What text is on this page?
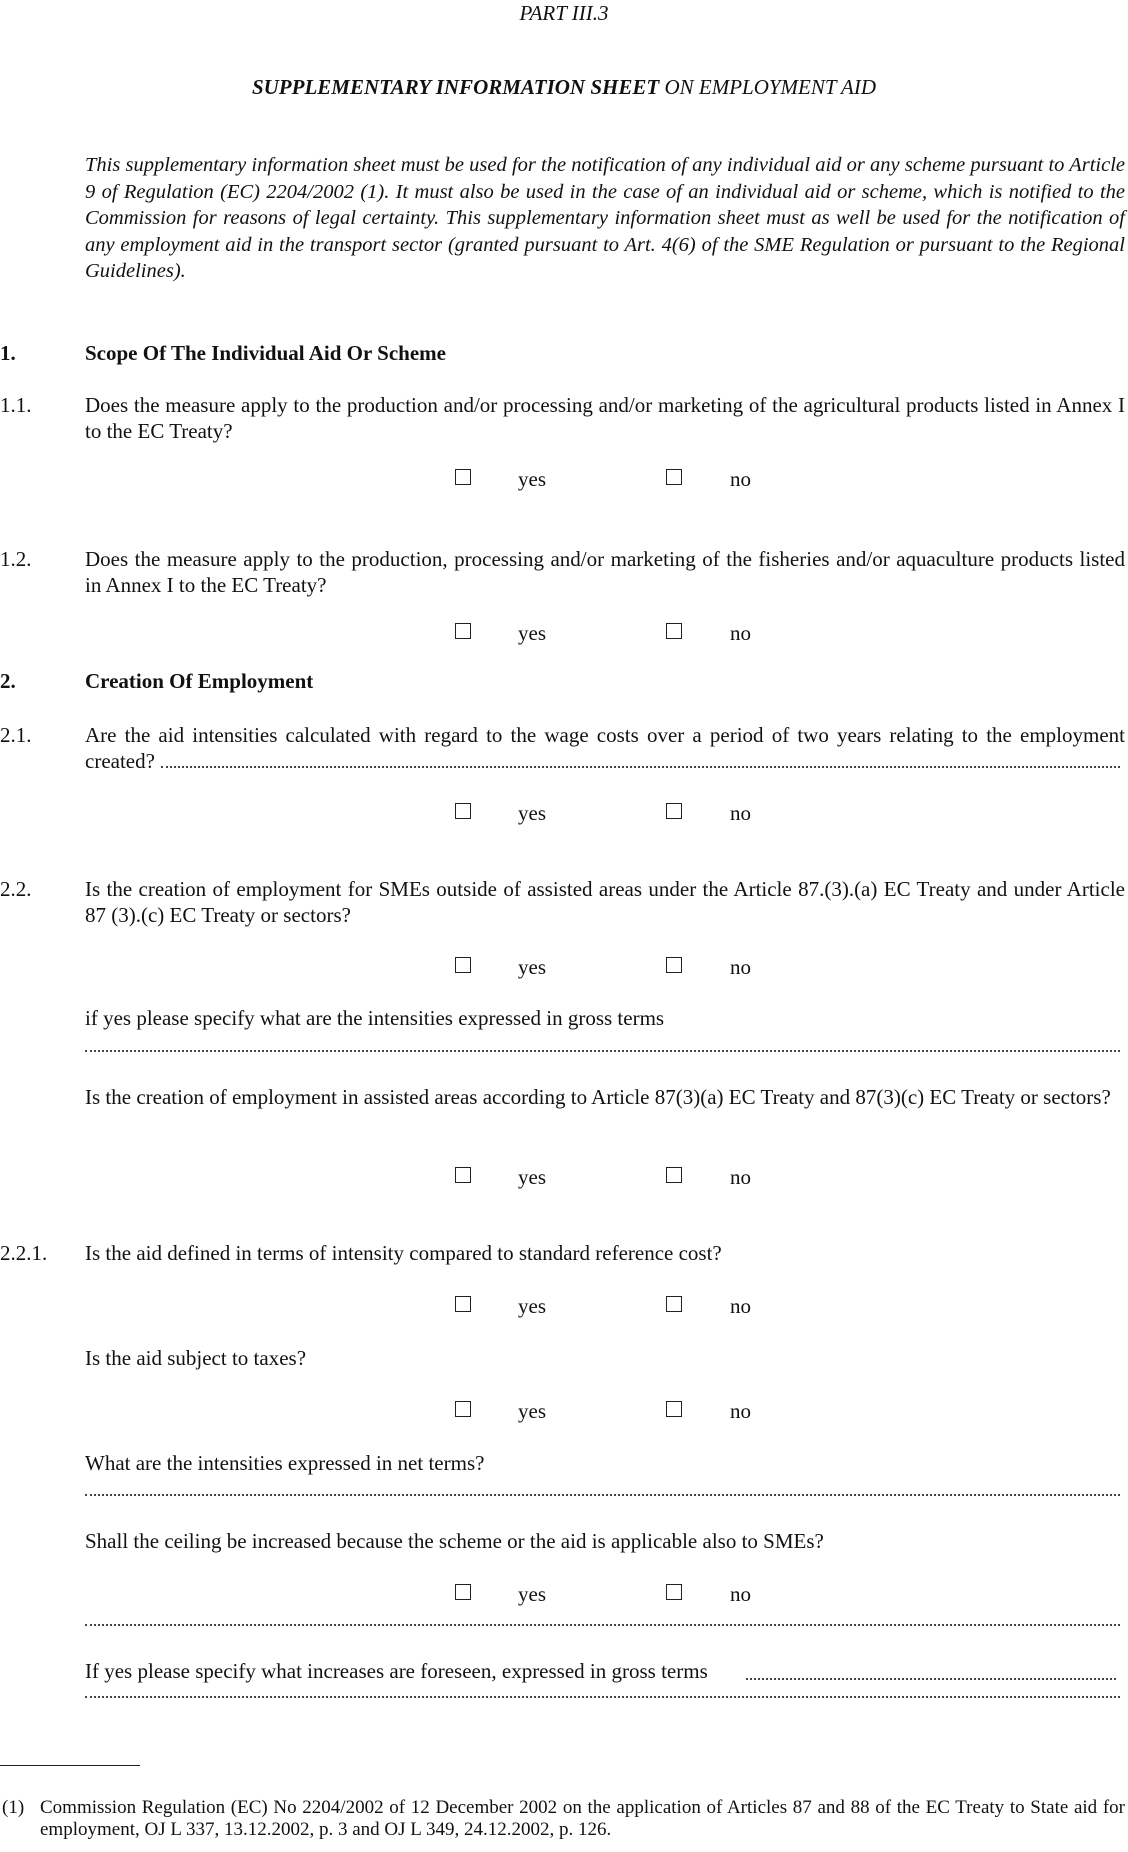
PART III.3
SUPPLEMENTARY INFORMATION SHEET ON EMPLOYMENT AID
This supplementary information sheet must be used for the notification of any individual aid or any scheme pursuant to Article 9 of Regulation (EC) 2204/2002 (1). It must also be used in the case of an individual aid or scheme, which is notified to the Commission for reasons of legal certainty. This supplementary information sheet must as well be used for the notification of any employment aid in the transport sector (granted pursuant to Art. 4(6) of the SME Regulation or pursuant to the Regional Guidelines).
1.	Scope Of The Individual Aid Or Scheme
1.1.	Does the measure apply to the production and/or processing and/or marketing of the agricultural products listed in Annex I to the EC Treaty?
yes	no
1.2.	Does the measure apply to the production, processing and/or marketing of the fisheries and/or aquaculture products listed in Annex I to the EC Treaty?
yes	no
2.	Creation Of Employment
2.1.	Are the aid intensities calculated with regard to the wage costs over a period of two years relating to the employment created?
yes	no
2.2.	Is the creation of employment for SMEs outside of assisted areas under the Article 87.(3).(a) EC Treaty and under Article 87 (3).(c) EC Treaty or sectors?
yes	no
if yes please specify what are the intensities expressed in gross terms
Is the creation of employment in assisted areas according to Article 87(3)(a) EC Treaty and 87(3)(c) EC Treaty or sectors?
yes	no
2.2.1. Is the aid defined in terms of intensity compared to standard reference cost?
yes	no
Is the aid subject to taxes?
yes	no
What are the intensities expressed in net terms?
Shall the ceiling be increased because the scheme or the aid is applicable also to SMEs?
yes	no
If yes please specify what increases are foreseen, expressed in gross terms
(1) Commission Regulation (EC) No 2204/2002 of 12 December 2002 on the application of Articles 87 and 88 of the EC Treaty to State aid for employment, OJ L 337, 13.12.2002, p. 3 and OJ L 349, 24.12.2002, p. 126.
